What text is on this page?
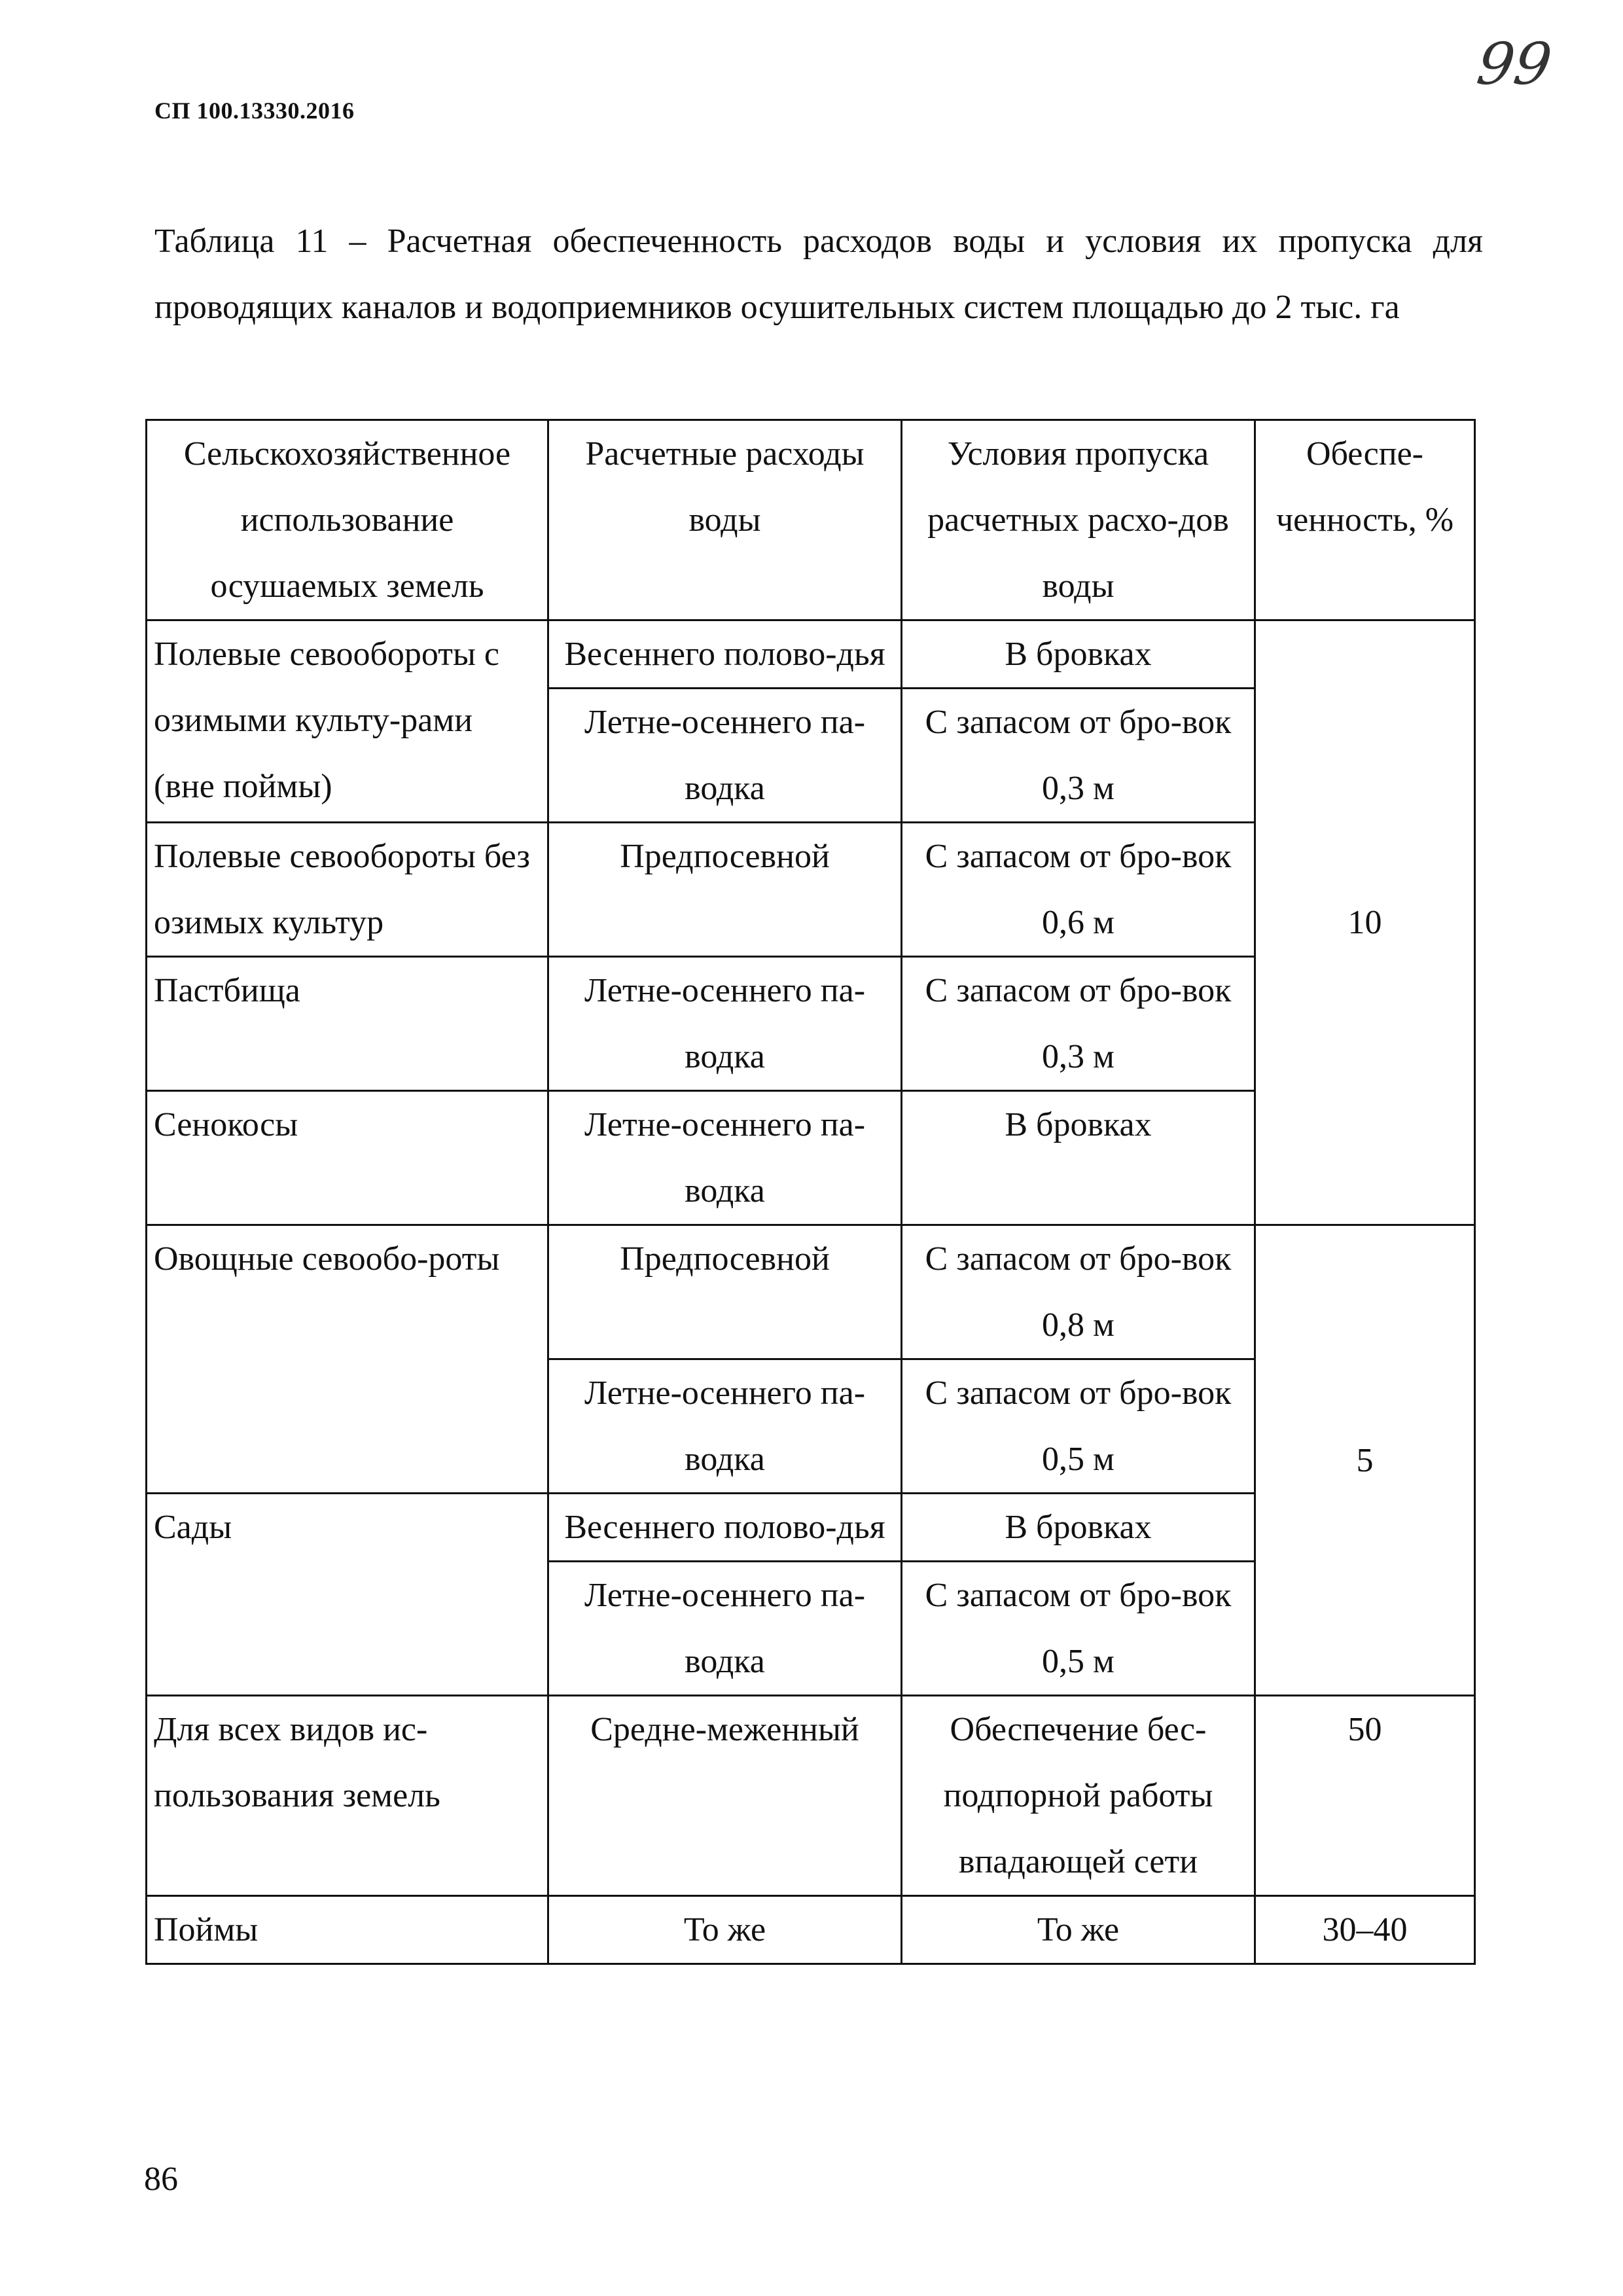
СП 100.13330.2016
99
Таблица 11 – Расчетная обеспеченность расходов воды и условия их пропуска для проводящих каналов и водоприемников осушительных систем площадью до 2 тыс. га
Сельскохозяйственное использование осушаемых земель	Расчетные расходы воды	Условия пропуска расчетных расхо-дов воды	Обеспе-ченность, %
Полевые севообороты с озимыми культу-рами (вне поймы)	Весеннего полово-дья	В бровках	10
	Летне-осеннего па-водка	С запасом от бро-вок 0,3 м	
Полевые севообороты без озимых культур	Предпосевной	С запасом от бро-вок 0,6 м	
Пастбища	Летне-осеннего па-водка	С запасом от бро-вок 0,3 м	
Сенокосы	Летне-осеннего па-водка	В бровках	
Овощные севообо-роты	Предпосевной	С запасом от бро-вок 0,8 м	5
	Летне-осеннего па-водка	С запасом от бро-вок 0,5 м	
Сады	Весеннего полово-дья	В бровках	
	Летне-осеннего па-водка	С запасом от бро-вок 0,5 м	
Для всех видов ис-пользования земель	Средне-меженный	Обеспечение бес-подпорной работы впадающей сети	50
Поймы	То же	То же	30–40
86
